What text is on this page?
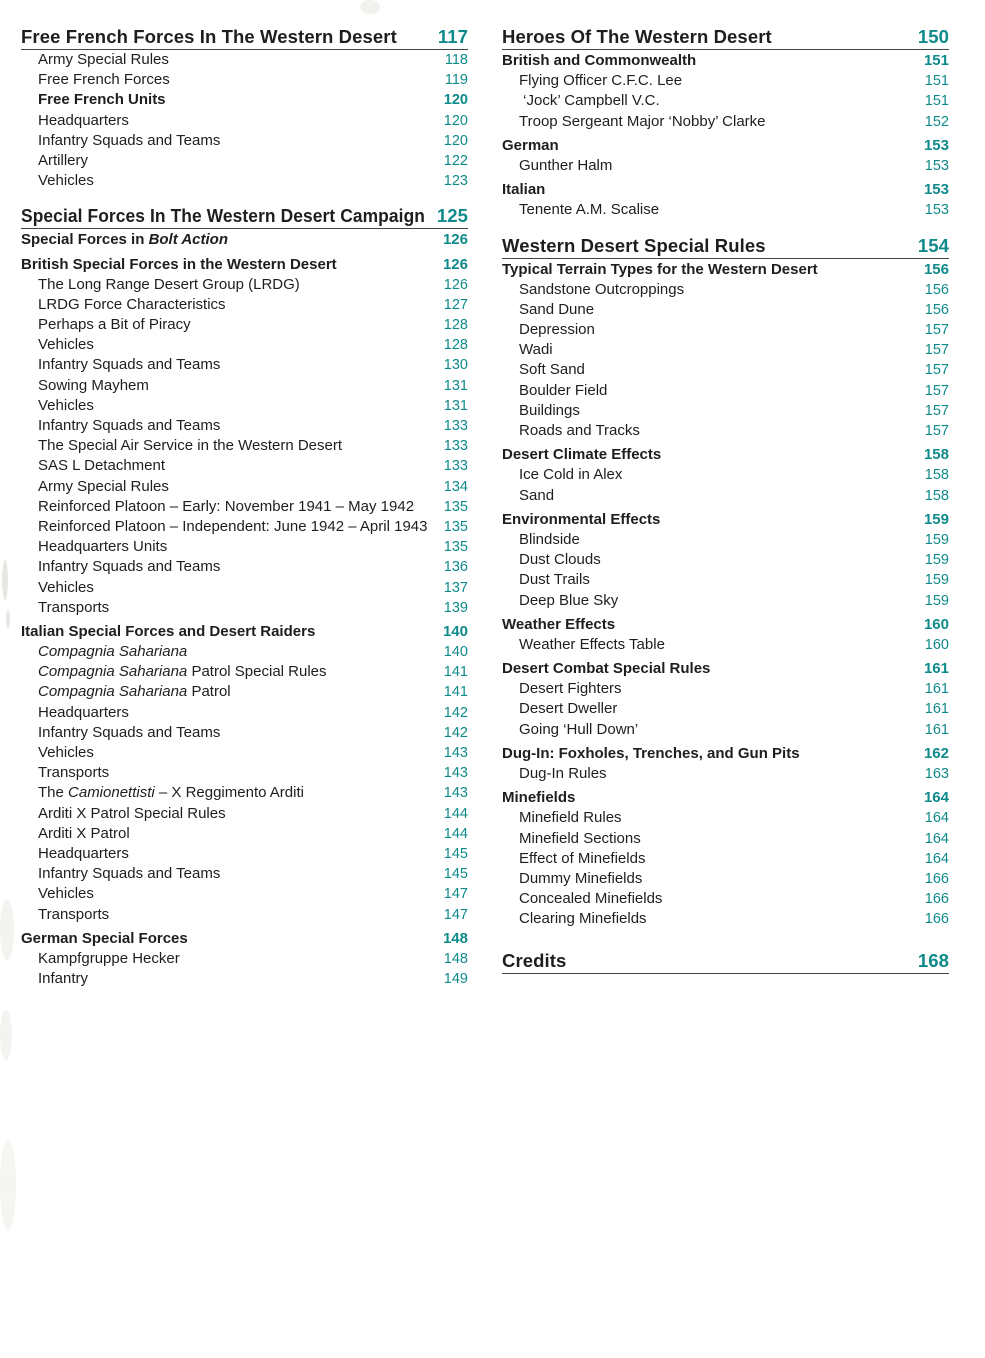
Free French Forces In The Western Desert 117
Army Special Rules	118
Free French Forces	119
Free French Units	120
Headquarters	120
Infantry Squads and Teams	120
Artillery	122
Vehicles	123
Special Forces In The Western Desert Campaign 125
Special Forces in Bolt Action	126
British Special Forces in the Western Desert	126
The Long Range Desert Group (LRDG)	126
LRDG Force Characteristics	127
Perhaps a Bit of Piracy	128
Vehicles	128
Infantry Squads and Teams	130
Sowing Mayhem	131
Vehicles	131
Infantry Squads and Teams	133
The Special Air Service in the Western Desert	133
SAS L Detachment	133
Army Special Rules	134
Reinforced Platoon – Early: November 1941 – May 1942 135
Reinforced Platoon – Independent: June 1942 – April 1943 135
Headquarters Units	135
Infantry Squads and Teams	136
Vehicles	137
Transports	139
Italian Special Forces and Desert Raiders	140
Compagnia Sahariana	140
Compagnia Sahariana Patrol Special Rules	141
Compagnia Sahariana Patrol	141
Headquarters	142
Infantry Squads and Teams	142
Vehicles	143
Transports	143
The Camionettisti – X Reggimento Arditi	143
Arditi X Patrol Special Rules	144
Arditi X Patrol	144
Headquarters	145
Infantry Squads and Teams	145
Vehicles	147
Transports	147
German Special Forces	148
Kampfgruppe Hecker	148
Infantry	149
Heroes Of The Western Desert	150
British and Commonwealth	151
Flying Officer C.F.C. Lee	151
‘Jock’ Campbell V.C.	151
Troop Sergeant Major ‘Nobby’ Clarke	152
German	153
Gunther Halm	153
Italian	153
Tenente A.M. Scalise	153
Western Desert Special Rules	154
Typical Terrain Types for the Western Desert	156
Sandstone Outcroppings	156
Sand Dune	156
Depression	157
Wadi	157
Soft Sand	157
Boulder Field	157
Buildings	157
Roads and Tracks	157
Desert Climate Effects	158
Ice Cold in Alex	158
Sand	158
Environmental Effects	159
Blindside	159
Dust Clouds	159
Dust Trails	159
Deep Blue Sky	159
Weather Effects	160
Weather Effects Table	160
Desert Combat Special Rules	161
Desert Fighters	161
Desert Dweller	161
Going ‘Hull Down’	161
Dug-In: Foxholes, Trenches, and Gun Pits	162
Dug-In Rules	163
Minefields	164
Minefield Rules	164
Minefield Sections	164
Effect of Minefields	164
Dummy Minefields	166
Concealed Minefields	166
Clearing Minefields	166
Credits	168
